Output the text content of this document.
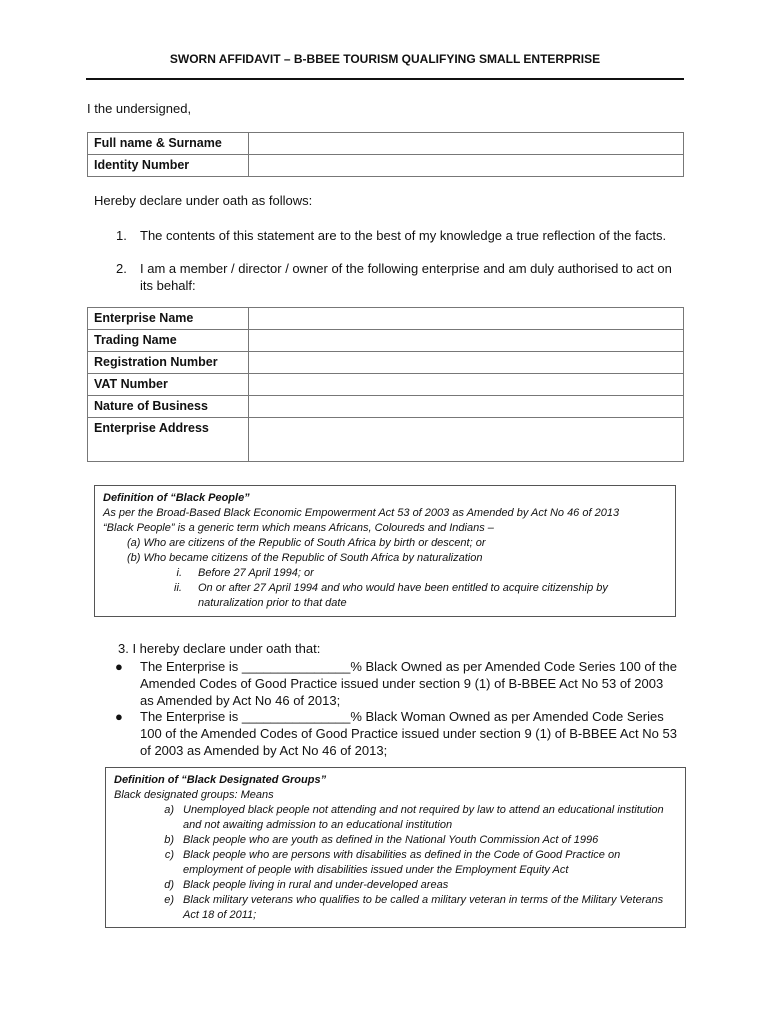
SWORN AFFIDAVIT – B-BBEE TOURISM QUALIFYING SMALL ENTERPRISE
I the undersigned,
Full name & Surname	
Identity Number	
Hereby declare under oath as follows:
1. The contents of this statement are to the best of my knowledge a true reflection of the facts.
2. I am a member / director / owner of the following enterprise and am duly authorised to act on its behalf:
Enterprise Name	
Trading Name	
Registration Number	
VAT Number	
Nature of Business	
Enterprise Address	
Definition of “Black People”
As per the Broad-Based Black Economic Empowerment Act 53 of 2003 as Amended by Act No 46 of 2013
“Black People” is a generic term which means Africans, Coloureds and Indians –
(a) Who are citizens of the Republic of South Africa by birth or descent; or
(b) Who became citizens of the Republic of South Africa by naturalization
i. Before 27 April 1994; or
ii. On or after 27 April 1994 and who would have been entitled to acquire citizenship by naturalization prior to that date
3. I hereby declare under oath that:
● The Enterprise is _______________% Black Owned as per Amended Code Series 100 of the Amended Codes of Good Practice issued under section 9 (1) of B-BBEE Act No 53 of 2003 as Amended by Act No 46 of 2013;
● The Enterprise is _______________% Black Woman Owned as per Amended Code Series 100 of the Amended Codes of Good Practice issued under section 9 (1) of B-BBEE Act No 53 of 2003 as Amended by Act No 46 of 2013;
Definition of “Black Designated Groups”
Black designated groups: Means
a) Unemployed black people not attending and not required by law to attend an educational institution and not awaiting admission to an educational institution
b) Black people who are youth as defined in the National Youth Commission Act of 1996
c) Black people who are persons with disabilities as defined in the Code of Good Practice on employment of people with disabilities issued under the Employment Equity Act
d) Black people living in rural and under-developed areas
e) Black military veterans who qualifies to be called a military veteran in terms of the Military Veterans Act 18 of 2011;
